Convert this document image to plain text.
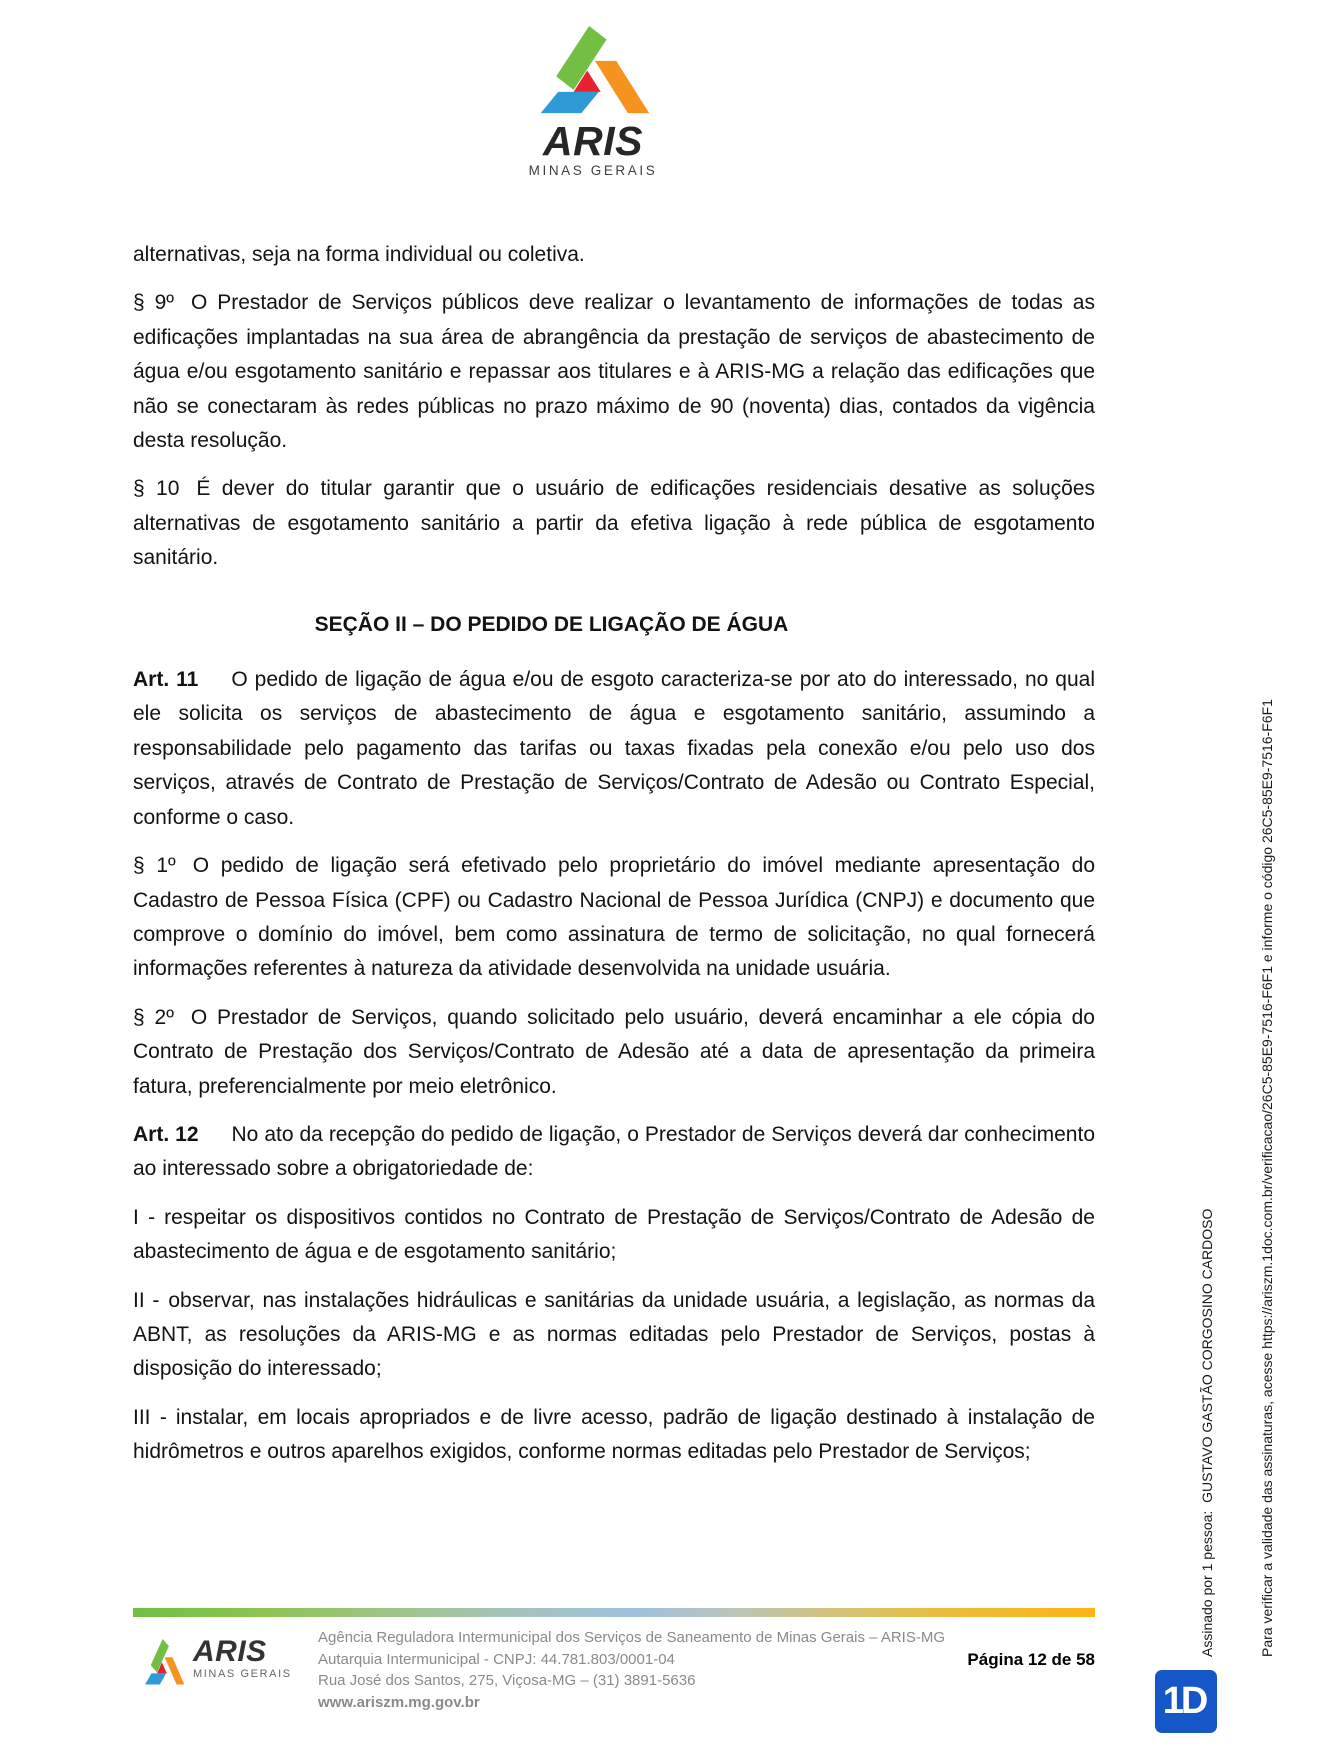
ARIS
MINAS GERAIS

alternativas, seja na forma individual ou coletiva.

§ 9º O Prestador de Serviços públicos deve realizar o levantamento de informações de todas as edificações implantadas na sua área de abrangência da prestação de serviços de abastecimento de água e/ou esgotamento sanitário e repassar aos titulares e à ARIS-MG a relação das edificações que não se conectaram às redes públicas no prazo máximo de 90 (noventa) dias, contados da vigência desta resolução.

§ 10 É dever do titular garantir que o usuário de edificações residenciais desative as soluções alternativas de esgotamento sanitário a partir da efetiva ligação à rede pública de esgotamento sanitário.

SEÇÃO II – DO PEDIDO DE LIGAÇÃO DE ÁGUA

Art. 11 O pedido de ligação de água e/ou de esgoto caracteriza-se por ato do interessado, no qual ele solicita os serviços de abastecimento de água e esgotamento sanitário, assumindo a responsabilidade pelo pagamento das tarifas ou taxas fixadas pela conexão e/ou pelo uso dos serviços, através de Contrato de Prestação de Serviços/Contrato de Adesão ou Contrato Especial, conforme o caso.

§ 1º O pedido de ligação será efetivado pelo proprietário do imóvel mediante apresentação do Cadastro de Pessoa Física (CPF) ou Cadastro Nacional de Pessoa Jurídica (CNPJ) e documento que comprove o domínio do imóvel, bem como assinatura de termo de solicitação, no qual fornecerá informações referentes à natureza da atividade desenvolvida na unidade usuária.

§ 2º O Prestador de Serviços, quando solicitado pelo usuário, deverá encaminhar a ele cópia do Contrato de Prestação dos Serviços/Contrato de Adesão até a data de apresentação da primeira fatura, preferencialmente por meio eletrônico.

Art. 12 No ato da recepção do pedido de ligação, o Prestador de Serviços deverá dar conhecimento ao interessado sobre a obrigatoriedade de:

I - respeitar os dispositivos contidos no Contrato de Prestação de Serviços/Contrato de Adesão de abastecimento de água e de esgotamento sanitário;

II - observar, nas instalações hidráulicas e sanitárias da unidade usuária, a legislação, as normas da ABNT, as resoluções da ARIS-MG e as normas editadas pelo Prestador de Serviços, postas à disposição do interessado;

III - instalar, em locais apropriados e de livre acesso, padrão de ligação destinado à instalação de hidrômetros e outros aparelhos exigidos, conforme normas editadas pelo Prestador de Serviços;

	Assinado por 1 pessoa:  GUSTAVO GASTÃO CORGOSINO CARDOSO

	Para verificar a validade das assinaturas, acesse https://ariszm.1doc.com.br/verificacao/26C5-85E9-7516-F6F1 e informe o código 26C5-85E9-7516-F6F1

ARIS
MINAS GERAIS
Agência Reguladora Intermunicipal dos Serviços de Saneamento de Minas Gerais – ARIS-MG
Autarquia Intermunicipal - CNPJ: 44.781.803/0001-04
Rua José dos Santos, 275, Viçosa-MG – (31) 3891-5636
www.ariszm.mg.gov.br
Página 12 de 58
1D
